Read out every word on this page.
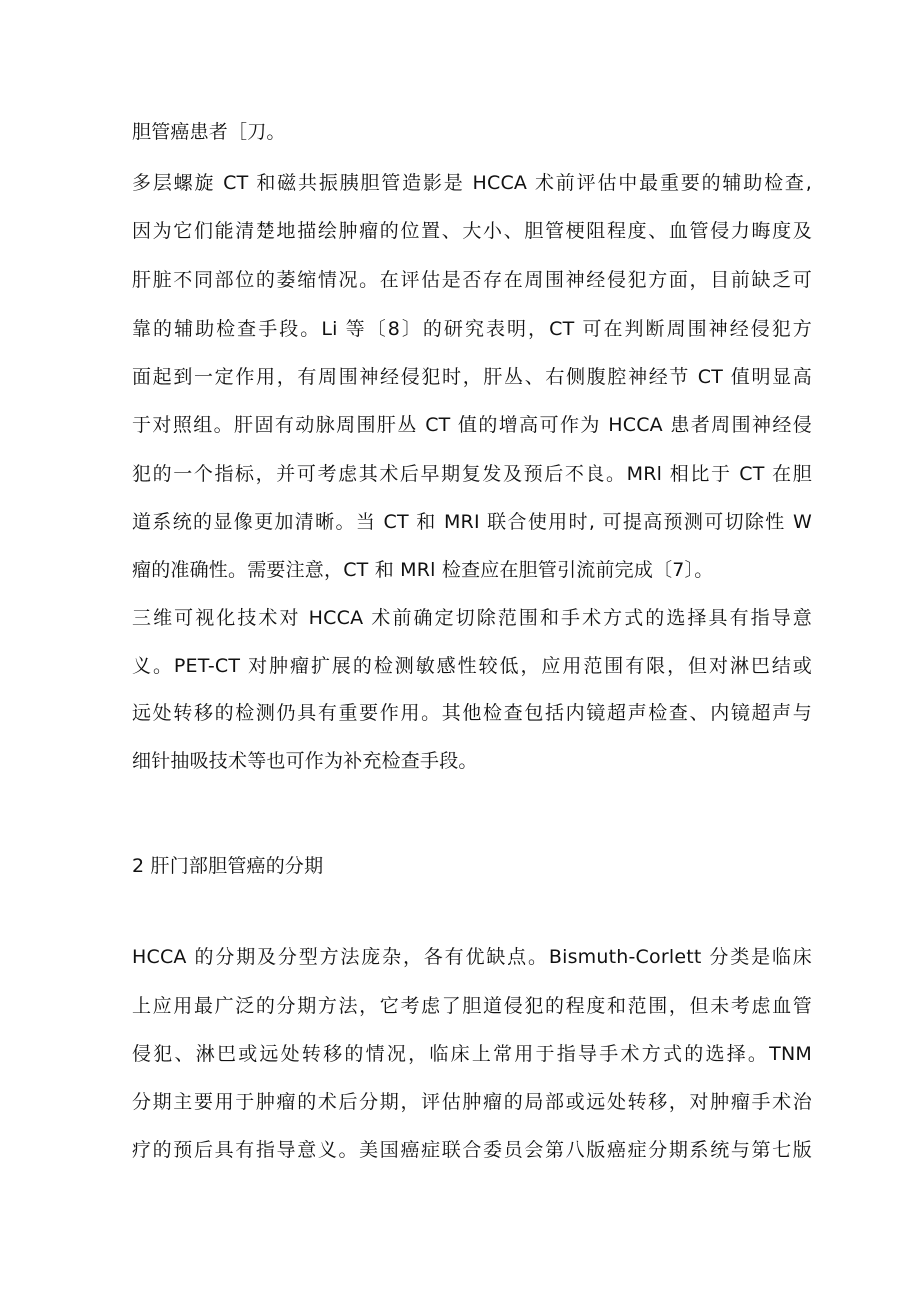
胆管癌患者［刀。
多层螺旋 CT 和磁共振胰胆管造影是 HCCA 术前评估中最重要的辅助检查,
因为它们能清楚地描绘肿瘤的位置、大小、胆管梗阻程度、血管侵力晦度及
肝脏不同部位的萎缩情况。在评估是否存在周围神经侵犯方面，目前缺乏可
靠的辅助检查手段。Li 等〔8〕的研究表明，CT 可在判断周围神经侵犯方
面起到一定作用，有周围神经侵犯时，肝丛、右侧腹腔神经节 CT 值明显高
于对照组。肝固有动脉周围肝丛 CT 值的增高可作为 HCCA 患者周围神经侵
犯的一个指标，并可考虑其术后早期复发及预后不良。MRl 相比于 CT 在胆
道系统的显像更加清晰。当 CT 和 MRI 联合使用时, 可提高预测可切除性 W
瘤的准确性。需要注意，CT 和 MRl 检查应在胆管引流前完成〔7〕。
三维可视化技术对 HCCA 术前确定切除范围和手术方式的选择具有指导意
义。PET-CT 对肿瘤扩展的检测敏感性较低，应用范围有限，但对淋巴结或
远处转移的检测仍具有重要作用。其他检查包括内镜超声检查、内镜超声与
细针抽吸技术等也可作为补充检查手段。
2 肝门部胆管癌的分期
HCCA 的分期及分型方法庞杂，各有优缺点。Bismuth-Corlett 分类是临床
上应用最广泛的分期方法，它考虑了胆道侵犯的程度和范围，但未考虑血管
侵犯、淋巴或远处转移的情况，临床上常用于指导手术方式的选择。TNM
分期主要用于肿瘤的术后分期，评估肿瘤的局部或远处转移，对肿瘤手术治
疗的预后具有指导意义。美国癌症联合委员会第八版癌症分期系统与第七版
